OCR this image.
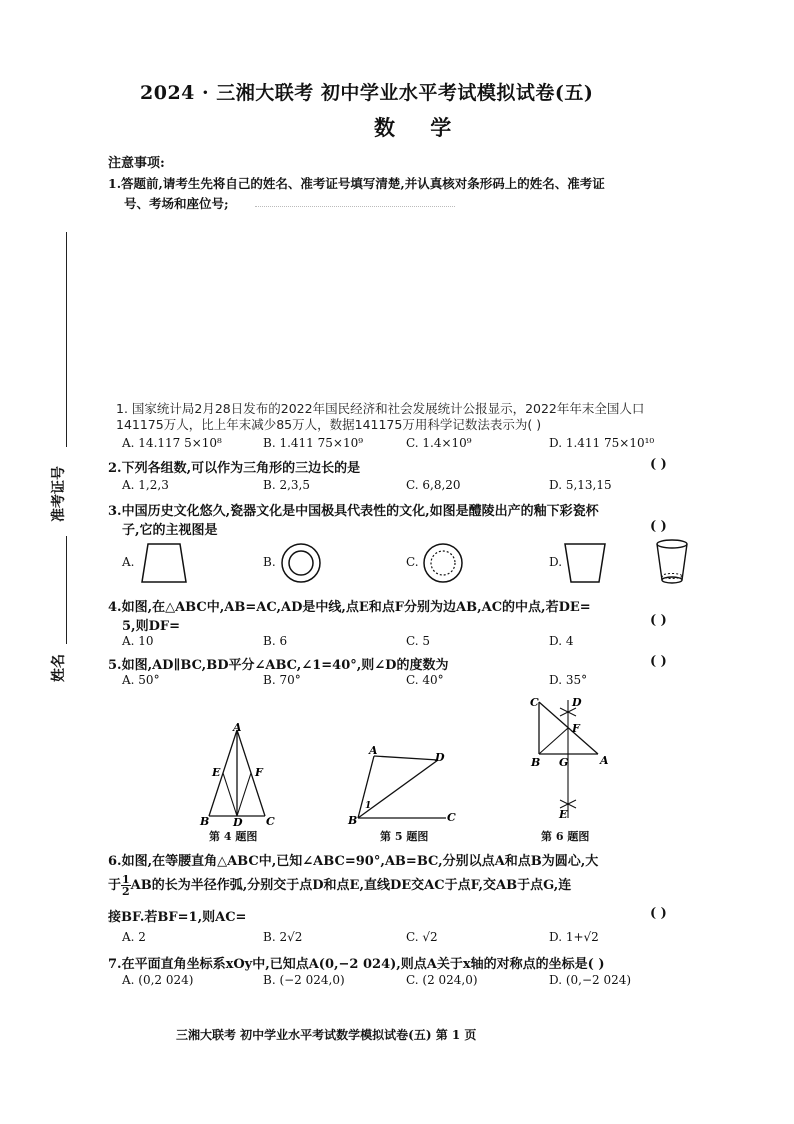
2024 · 三湘大联考 初中学业水平考试模拟试卷(五)
数 学
注意事项:
1.答题前,请考生先将自己的姓名、准考证号填写清楚,并认真核对条形码上的姓名、准考证
号、考场和座位号;
准考证号
姓名
1. 国家统计局2月28日发布的2022年国民经济和社会发展统计公报显示，2022年年末全国人口
141175万人，比上年末减少85万人，数据141175万用科学记数法表示为( )
A. 14.117 5×10⁸	B. 1.411 75×10⁹	C. 1.4×10⁹	D. 1.411 75×10¹⁰
2.下列各组数,可以作为三角形的三边长的是	( )
A. 1,2,3	B. 2,3,5	C. 6,8,20	D. 5,13,15
3.中国历史文化悠久,瓷器文化是中国极具代表性的文化,如图是醴陵出产的釉下彩瓷杯
子,它的主视图是	( )
A.	B.	C.	D.
4.如图,在△ABC中,AB=AC,AD是中线,点E和点F分别为边AB,AC的中点,若DE=
5,则DF=	( )
A. 10	B. 6	C. 5	D. 4
5.如图,AD∥BC,BD平分∠ABC,∠1=40°,则∠D的度数为	( )
A. 50°	B. 70°	C. 40°	D. 35°
A
E	F
B D C
第 4 题图
A
D
1
B	C
第 5 题图
C	D
F
B G	A
E
第 6 题图
6.如图,在等腰直角△ABC中,已知∠ABC=90°,AB=BC,分别以点A和点B为圆心,大
于 $\frac{1}{2}$ AB的长为半径作弧,分别交于点D和点E,直线DE交AC于点F,交AB于点G,连
接BF.若BF=1,则AC=	( )
A. 2	B. 2√2	C. √2	D. 1+√2
7.在平面直角坐标系xOy中,已知点A(0,−2 024),则点A关于x轴的对称点的坐标是( )
A. (0,2 024)	B. (−2 024,0)	C. (2 024,0)	D. (0,−2 024)
三湘大联考 初中学业水平考试数学模拟试卷(五) 第 1 页
